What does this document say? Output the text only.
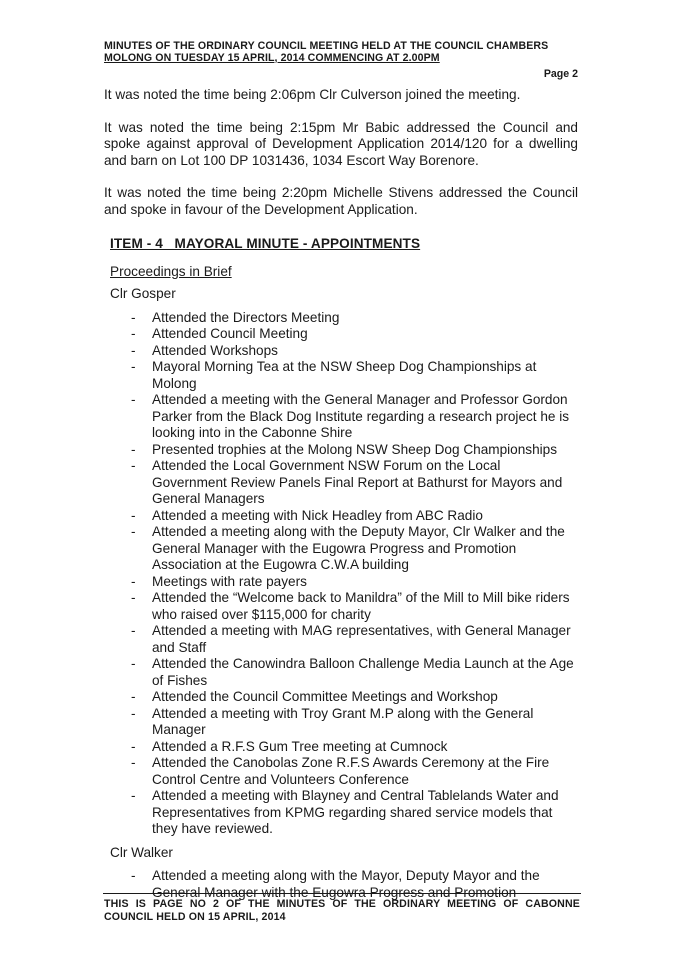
MINUTES OF THE ORDINARY COUNCIL MEETING HELD AT THE COUNCIL CHAMBERS

MOLONG ON TUESDAY 15 APRIL, 2014 COMMENCING AT 2.00PM
Page 2

It was noted the time being 2:06pm Clr Culverson joined the meeting.

It was noted the time being 2:15pm Mr Babic addressed the Council and spoke against approval of Development Application 2014/120 for a dwelling and barn on Lot 100 DP 1031436, 1034 Escort Way Borenore.

It was noted the time being 2:20pm Michelle Stivens addressed the Council and spoke in favour of the Development Application.

ITEM - 4   MAYORAL MINUTE - APPOINTMENTS
Proceedings in Brief
Clr Gosper
- Attended the Directors Meeting
- Attended Council Meeting
- Attended Workshops
- Mayoral Morning Tea at the NSW Sheep Dog Championships at Molong
- Attended a meeting with the General Manager and Professor Gordon Parker from the Black Dog Institute regarding a research project he is looking into in the Cabonne Shire
- Presented trophies at the Molong NSW Sheep Dog Championships
- Attended the Local Government NSW Forum on the Local Government Review Panels Final Report at Bathurst for Mayors and General Managers
- Attended a meeting with Nick Headley from ABC Radio
- Attended a meeting along with the Deputy Mayor, Clr Walker and the General Manager with the Eugowra Progress and Promotion Association at the Eugowra C.W.A building
- Meetings with rate payers
- Attended the “Welcome back to Manildra” of the Mill to Mill bike riders who raised over $115,000 for charity
- Attended a meeting with MAG representatives, with General Manager and Staff
- Attended the Canowindra Balloon Challenge Media Launch at the Age of Fishes
- Attended the Council Committee Meetings and Workshop
- Attended a meeting with Troy Grant M.P along with the General Manager
- Attended a R.F.S Gum Tree meeting at Cumnock
- Attended the Canobolas Zone R.F.S Awards Ceremony at the Fire Control Centre and Volunteers Conference
- Attended a meeting with Blayney and Central Tablelands Water and Representatives from KPMG regarding shared service models that they have reviewed.
Clr Walker
- Attended a meeting along with the Mayor, Deputy Mayor and the General Manager with the Eugowra Progress and Promotion
THIS IS PAGE NO 2 OF THE MINUTES OF THE ORDINARY MEETING OF CABONNE COUNCIL HELD ON 15 APRIL, 2014
